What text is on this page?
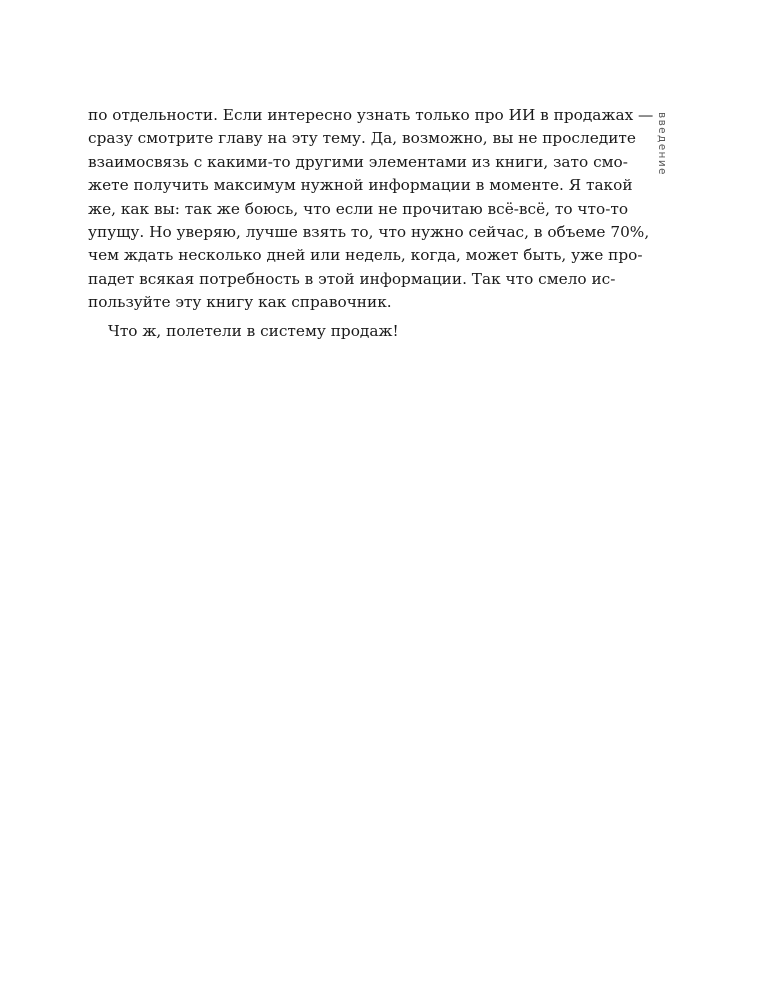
введение
по отдельности. Если интересно узнать только про ИИ в продажах —
сразу смотрите главу на эту тему. Да, возможно, вы не проследите
взаимосвязь с какими-то другими элементами из книги, зато смо-
жете получить максимум нужной информации в моменте. Я такой
же, как вы: так же боюсь, что если не прочитаю всё-всё, то что-то
упущу. Но уверяю, лучше взять то, что нужно сейчас, в объеме 70%,
чем ждать несколько дней или недель, когда, может быть, уже про-
падет всякая потребность в этой информации. Так что смело ис-
пользуйте эту книгу как справочник.
Что ж, полетели в систему продаж!
